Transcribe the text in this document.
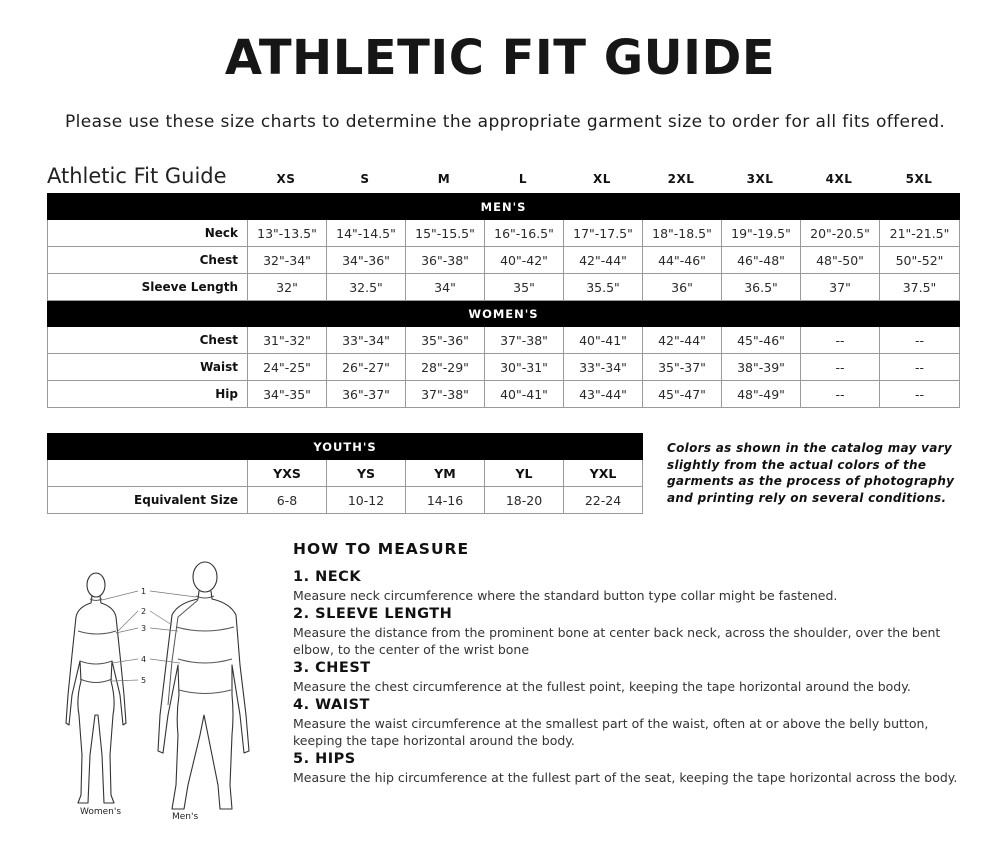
ATHLETIC FIT GUIDE
Please use these size charts to determine the appropriate garment size to order for all fits offered.
Athletic Fit Guide	XS	S	M	L	XL	2XL	3XL	4XL	5XL
MEN'S									
Neck	13"-13.5"	14"-14.5"	15"-15.5"	16"-16.5"	17"-17.5"	18"-18.5"	19"-19.5"	20"-20.5"	21"-21.5"
Chest	32"-34"	34"-36"	36"-38"	40"-42"	42"-44"	44"-46"	46"-48"	48"-50"	50"-52"
Sleeve Length	32"	32.5"	34"	35"	35.5"	36"	36.5"	37"	37.5"
WOMEN'S									
Chest	31"-32"	33"-34"	35"-36"	37"-38"	40"-41"	42"-44"	45"-46"	--	--
Waist	24"-25"	26"-27"	28"-29"	30"-31"	33"-34"	35"-37"	38"-39"	--	--
Hip	34"-35"	36"-37"	37"-38"	40"-41"	43"-44"	45"-47"	48"-49"	--	--
YOUTH'S					
	YXS	YS	YM	YL	YXL
Equivalent Size	6-8	10-12	14-16	18-20	22-24
Colors as shown in the catalog may vary slightly from the actual colors of the garments as the process of photography and printing rely on several conditions.
1
2
3
4
5
Women's	Men's
HOW TO MEASURE

1. NECK

Measure neck circumference where the standard button type collar might be fastened.

2. SLEEVE LENGTH

Measure the distance from the prominent bone at center back neck, across the shoulder, over the bent elbow, to the center of the wrist bone

3. CHEST

Measure the chest circumference at the fullest point, keeping the tape horizontal around the body.

4. WAIST

Measure the waist circumference at the smallest part of the waist, often at or above the belly button, keeping the tape horizontal around the body.

5. HIPS

Measure the hip circumference at the fullest part of the seat, keeping the tape horizontal across the body.
